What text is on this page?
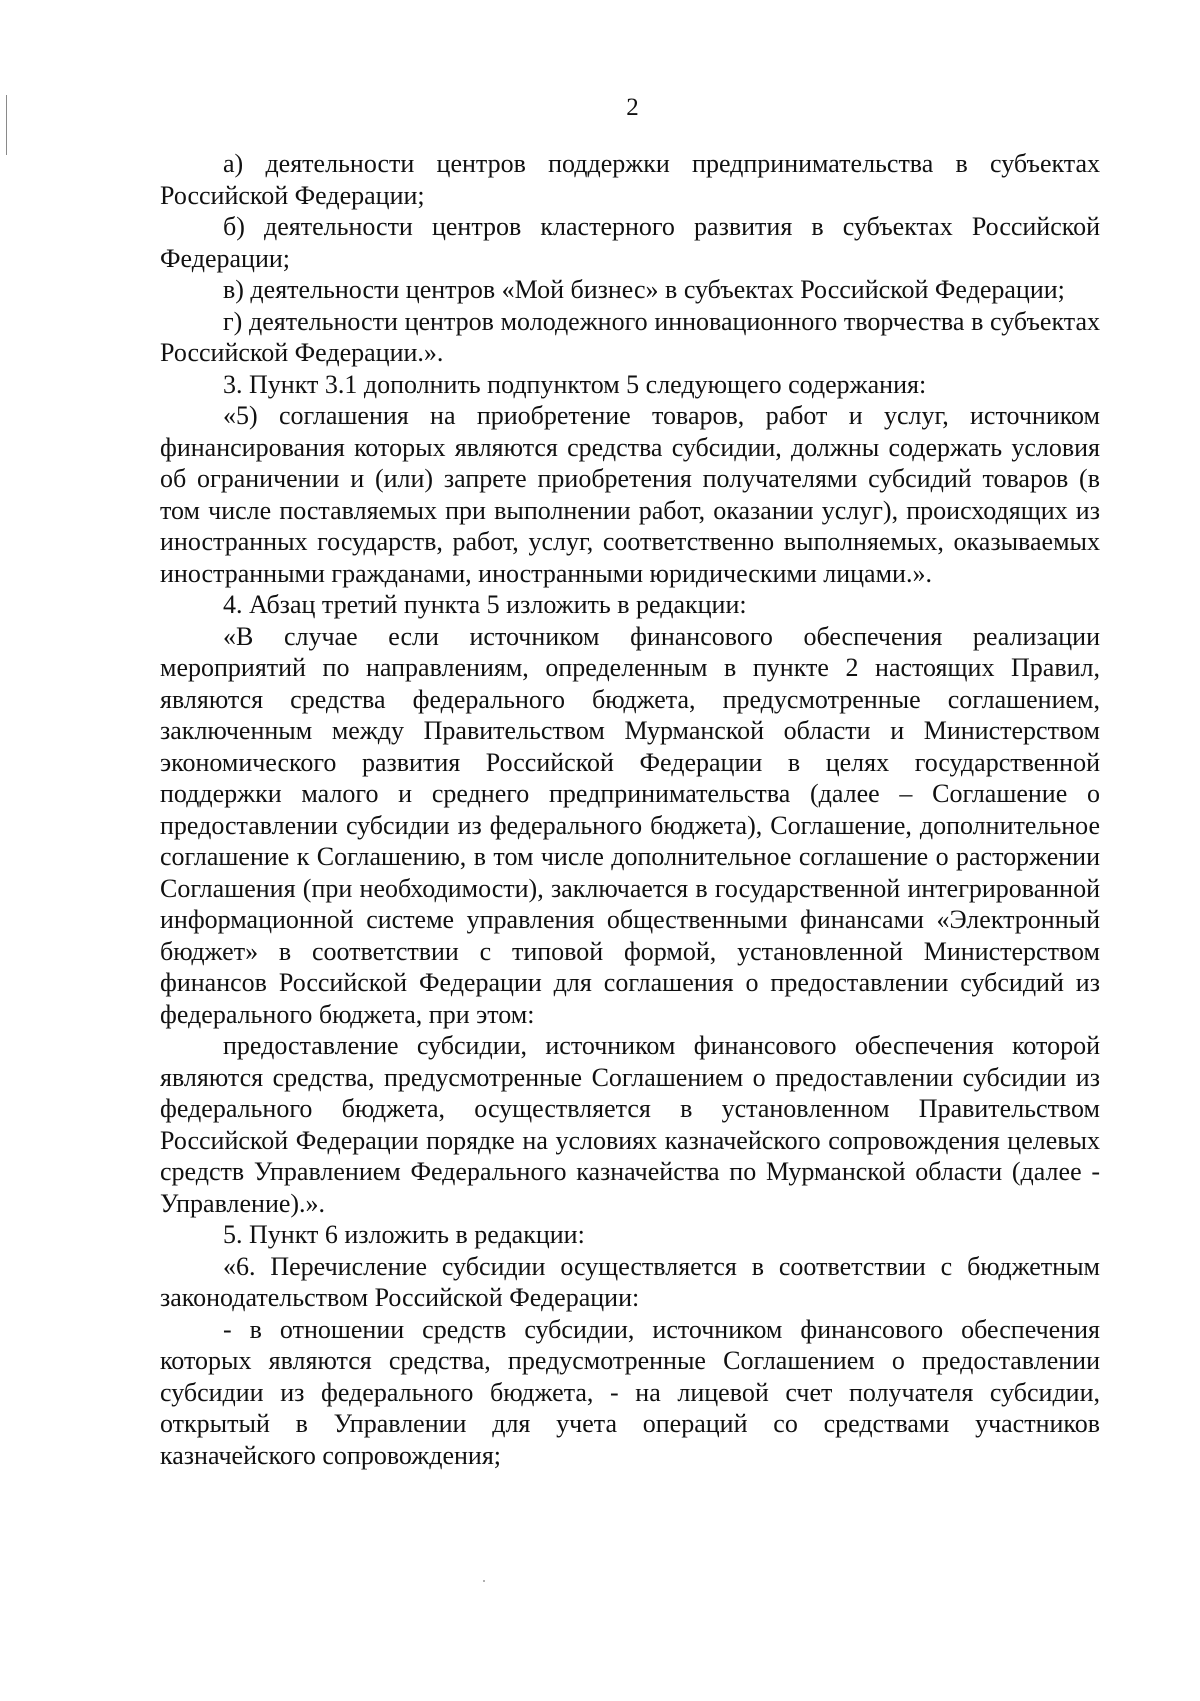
2

а) деятельности центров поддержки предпринимательства в субъектах Российской Федерации;

б) деятельности центров кластерного развития в субъектах Российской Федерации;

в) деятельности центров «Мой бизнес» в субъектах Российской Федерации;

г) деятельности центров молодежного инновационного творчества в субъектах Российской Федерации.».

3. Пункт 3.1 дополнить подпунктом 5 следующего содержания:

«5) соглашения на приобретение товаров, работ и услуг, источником финансирования которых являются средства субсидии, должны содержать условия об ограничении и (или) запрете приобретения получателями субсидий товаров (в том числе поставляемых при выполнении работ, оказании услуг), происходящих из иностранных государств, работ, услуг, соответственно выполняемых, оказываемых иностранными гражданами, иностранными юридическими лицами.».

4. Абзац третий пункта 5 изложить в редакции:

«В случае если источником финансового обеспечения реализации мероприятий по направлениям, определенным в пункте 2 настоящих Правил, являются средства федерального бюджета, предусмотренные соглашением, заключенным между Правительством Мурманской области и Министерством экономического развития Российской Федерации в целях государственной поддержки малого и среднего предпринимательства (далее – Соглашение о предоставлении субсидии из федерального бюджета), Соглашение, дополнительное соглашение к Соглашению, в том числе дополнительное соглашение о расторжении Соглашения (при необходимости), заключается в государственной интегрированной информационной системе управления общественными финансами «Электронный бюджет» в соответствии с типовой формой, установленной Министерством финансов Российской Федерации для соглашения о предоставлении субсидий из федерального бюджета, при этом:

предоставление субсидии, источником финансового обеспечения которой являются средства, предусмотренные Соглашением о предоставлении субсидии из федерального бюджета, осуществляется в установленном Правительством Российской Федерации порядке на условиях казначейского сопровождения целевых средств Управлением Федерального казначейства по Мурманской области (далее - Управление).».

5. Пункт 6 изложить в редакции:

«6. Перечисление субсидии осуществляется в соответствии с бюджетным законодательством Российской Федерации:

- в отношении средств субсидии, источником финансового обеспечения которых являются средства, предусмотренные Соглашением о предоставлении субсидии из федерального бюджета, - на лицевой счет получателя субсидии, открытый в Управлении для учета операций со средствами участников казначейского сопровождения;
